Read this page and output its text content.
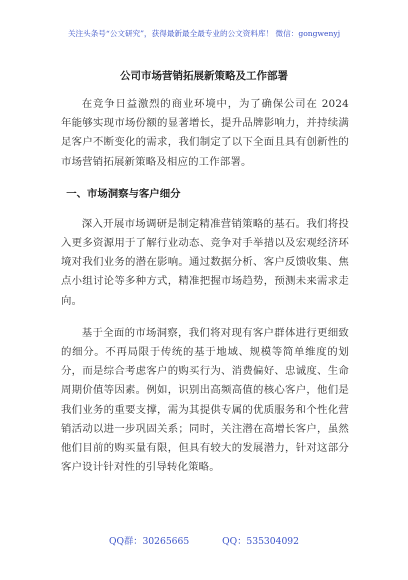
关注头条号“公文研究”，获得最新最全最专业的公文资料库！ 微信：gongwenyj
公司市场营销拓展新策略及工作部署

在竞争日益激烈的商业环境中，为了确保公司在 2024 年能够实现市场份额的显著增长，提升品牌影响力，并持续满足客户不断变化的需求，我们制定了以下全面且具有创新性的市场营销拓展新策略及相应的工作部署。

一、市场洞察与客户细分

深入开展市场调研是制定精准营销策略的基石。我们将投入更多资源用于了解行业动态、竞争对手举措以及宏观经济环境对我们业务的潜在影响。通过数据分析、客户反馈收集、焦点小组讨论等多种方式，精准把握市场趋势，预测未来需求走向。

基于全面的市场洞察，我们将对现有客户群体进行更细致的细分。不再局限于传统的基于地域、规模等简单维度的划分，而是综合考虑客户的购买行为、消费偏好、忠诚度、生命周期价值等因素。例如，识别出高频高值的核心客户，他们是我们业务的重要支撑，需为其提供专属的优质服务和个性化营销活动以进一步巩固关系；同时，关注潜在高增长客户，虽然他们目前的购买量有限，但具有较大的发展潜力，针对这部分客户设计针对性的引导转化策略。

QQ群：30265665	QQ：535304092
